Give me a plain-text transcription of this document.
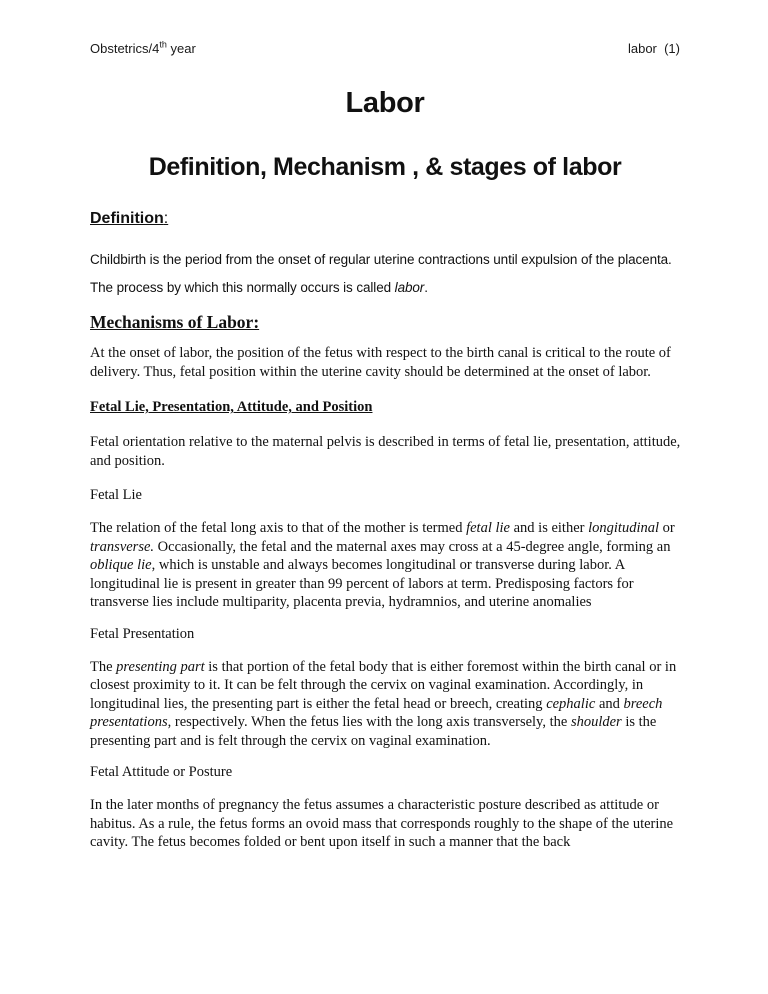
Obstetrics/4th year	labor  (1)
Labor
Definition, Mechanism , & stages of labor
Definition:
Childbirth is the period from the onset of regular uterine contractions until expulsion of the placenta. The process by which this normally occurs is called labor.
Mechanisms of Labor:
At the onset of labor, the position of the fetus with respect to the birth canal is critical to the route of delivery. Thus, fetal position within the uterine cavity should be determined at the onset of labor.
Fetal Lie, Presentation, Attitude, and Position
Fetal orientation relative to the maternal pelvis is described in terms of fetal lie, presentation, attitude, and position.
Fetal Lie
The relation of the fetal long axis to that of the mother is termed fetal lie and is either longitudinal or transverse. Occasionally, the fetal and the maternal axes may cross at a 45-degree angle, forming an oblique lie, which is unstable and always becomes longitudinal or transverse during labor. A longitudinal lie is present in greater than 99 percent of labors at term. Predisposing factors for transverse lies include multiparity, placenta previa, hydramnios, and uterine anomalies
Fetal Presentation
The presenting part is that portion of the fetal body that is either foremost within the birth canal or in closest proximity to it. It can be felt through the cervix on vaginal examination. Accordingly, in longitudinal lies, the presenting part is either the fetal head or breech, creating cephalic and breech presentations, respectively. When the fetus lies with the long axis transversely, the shoulder is the presenting part and is felt through the cervix on vaginal examination.
Fetal Attitude or Posture
In the later months of pregnancy the fetus assumes a characteristic posture described as attitude or habitus. As a rule, the fetus forms an ovoid mass that corresponds roughly to the shape of the uterine cavity. The fetus becomes folded or bent upon itself in such a manner that the back
